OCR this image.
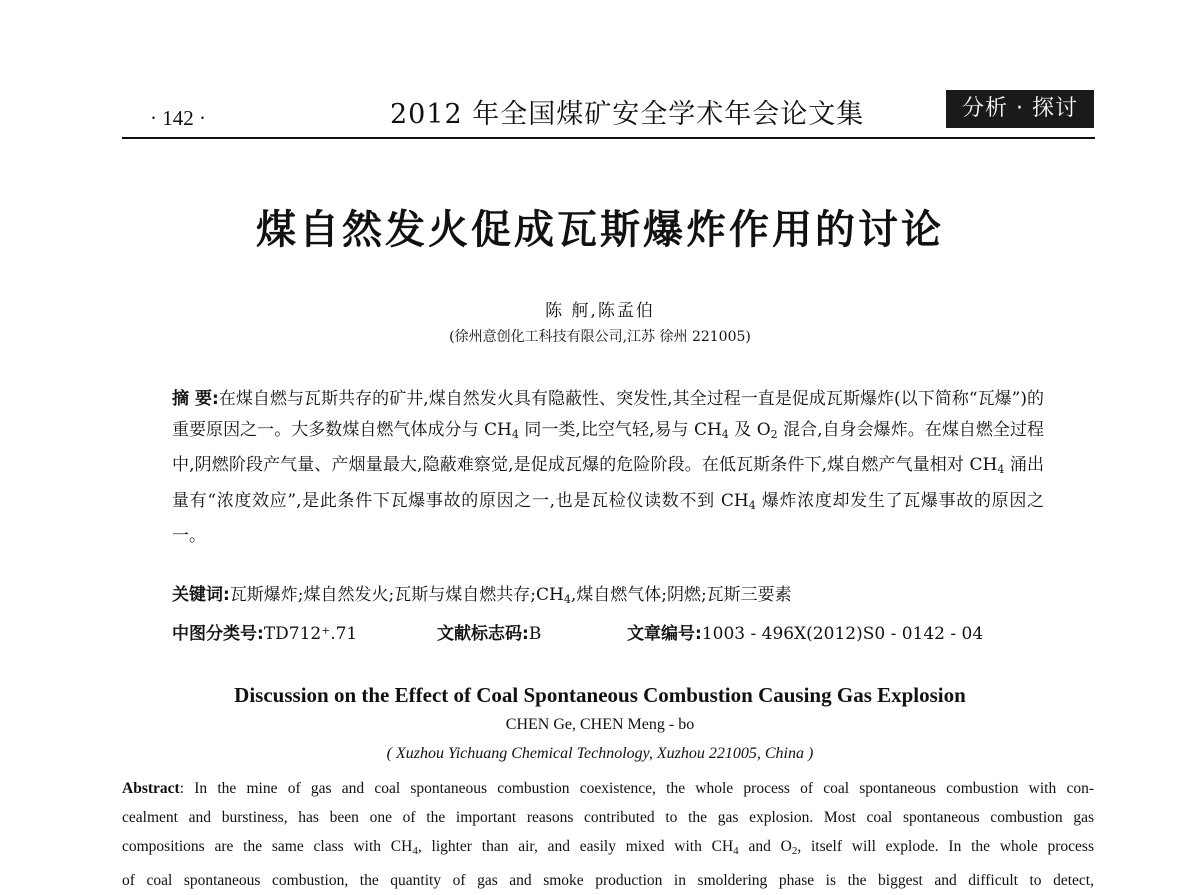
· 142 ·	2012 年全国煤矿安全学术年会论文集	分析 · 探讨
煤自然发火促成瓦斯爆炸作用的讨论
陈 舸,陈孟伯
(徐州意创化工科技有限公司,江苏 徐州 221005)
摘 要:在煤自燃与瓦斯共存的矿井,煤自然发火具有隐蔽性、突发性,其全过程一直是促成瓦斯爆炸(以下简称“瓦爆”)的重要原因之一。大多数煤自燃气体成分与 $CH_4$ 同一类,比空气轻,易与 $CH_4$ 及 $O_2$ 混合,自身会爆炸。在煤自燃全过程中,阴燃阶段产气量、产烟量最大,隐蔽难察觉,是促成瓦爆的危险阶段。在低瓦斯条件下,煤自燃产气量相对 $CH_4$ 涌出量有“浓度效应”,是此条件下瓦爆事故的原因之一,也是瓦检仪读数不到 $CH_4$ 爆炸浓度却发生了瓦爆事故的原因之一。
关键词:瓦斯爆炸;煤自然发火;瓦斯与煤自燃共存$;CH_4$,煤自燃气体;阴燃;瓦斯三要素
中图分类号:TD712⁺.71	文献标志码:B	文章编号:1003 - 496X(2012)S0 - 0142 - 04
Discussion on the Effect of Coal Spontaneous Combustion Causing Gas Explosion
CHEN Ge, CHEN Meng - bo
( Xuzhou Yichuang Chemical Technology, Xuzhou 221005, China )
Abstract: In the mine of gas and coal spontaneous combustion coexistence, the whole process of coal spontaneous combustion with con-
cealment and burstiness, has been one of the important reasons contributed to the gas explosion. Most coal spontaneous combustion gas
compositions are the same class with $CH_4$, lighter than air, and easily mixed with $CH_4$ and $O_2$, itself will explode. In the whole process
of coal spontaneous combustion, the quantity of gas and smoke production in smoldering phase is the biggest and difficult to detect,
